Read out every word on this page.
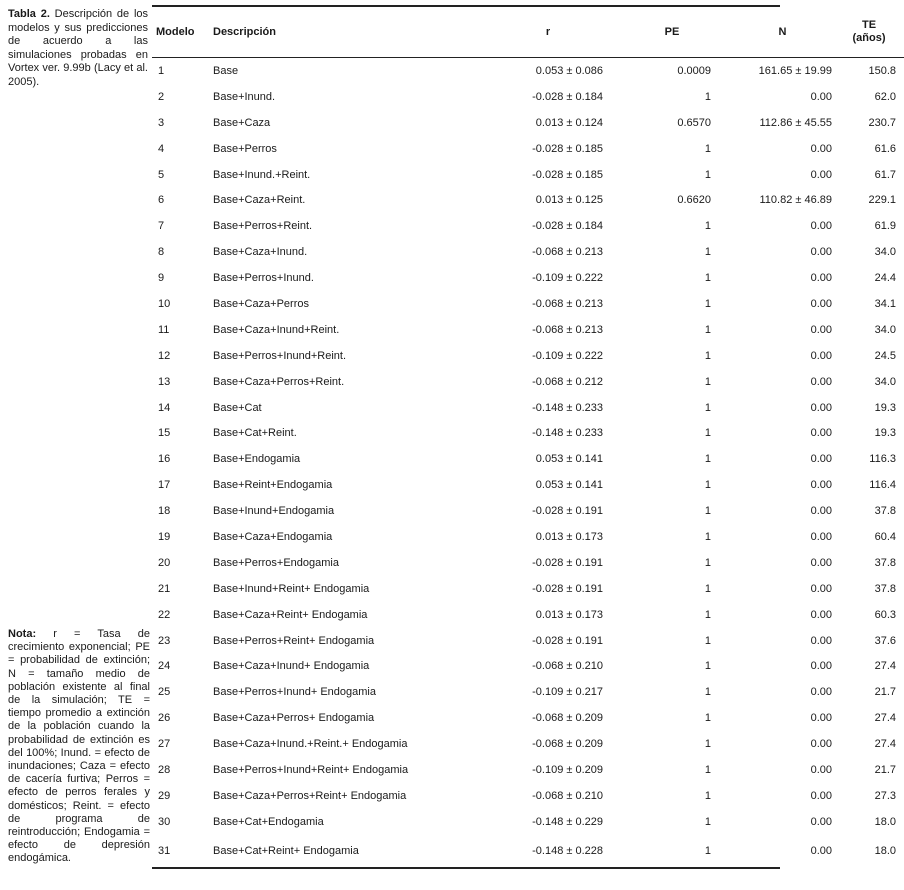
Tabla 2. Descripción de los modelos y sus predicciones de acuerdo a las simulaciones probadas en Vortex ver. 9.99b (Lacy et al. 2005).
Nota: r = Tasa de crecimiento exponencial; PE = probabilidad de extinción; N = tamaño medio de población existente al final de la simulación; TE = tiempo promedio a extinción de la población cuando la probabilidad de extinción es del 100%; Inund. = efecto de inundaciones; Caza = efecto de cacería furtiva; Perros = efecto de perros ferales y domésticos; Reint. = efecto de programa de reintroducción; Endogamia = efecto de depresión endogámica.
Modelo	Descripción	r	PE	N	TE
(años)
1	Base	0.053 ± 0.086	0.0009	161.65 ± 19.99	150.8
2	Base+Inund.	-0.028 ± 0.184	1	0.00	62.0
3	Base+Caza	0.013 ± 0.124	0.6570	112.86 ± 45.55	230.7
4	Base+Perros	-0.028 ± 0.185	1	0.00	61.6
5	Base+Inund.+Reint.	-0.028 ± 0.185	1	0.00	61.7
6	Base+Caza+Reint.	0.013 ± 0.125	0.6620	110.82 ± 46.89	229.1
7	Base+Perros+Reint.	-0.028 ± 0.184	1	0.00	61.9
8	Base+Caza+Inund.	-0.068 ± 0.213	1	0.00	34.0
9	Base+Perros+Inund.	-0.109 ± 0.222	1	0.00	24.4
10	Base+Caza+Perros	-0.068 ± 0.213	1	0.00	34.1
11	Base+Caza+Inund+Reint.	-0.068 ± 0.213	1	0.00	34.0
12	Base+Perros+Inund+Reint.	-0.109 ± 0.222	1	0.00	24.5
13	Base+Caza+Perros+Reint.	-0.068 ± 0.212	1	0.00	34.0
14	Base+Cat	-0.148 ± 0.233	1	0.00	19.3
15	Base+Cat+Reint.	-0.148 ± 0.233	1	0.00	19.3
16	Base+Endogamia	0.053 ± 0.141	1	0.00	116.3
17	Base+Reint+Endogamia	0.053 ± 0.141	1	0.00	116.4
18	Base+Inund+Endogamia	-0.028 ± 0.191	1	0.00	37.8
19	Base+Caza+Endogamia	0.013 ± 0.173	1	0.00	60.4
20	Base+Perros+Endogamia	-0.028 ± 0.191	1	0.00	37.8
21	Base+Inund+Reint+ Endogamia	-0.028 ± 0.191	1	0.00	37.8
22	Base+Caza+Reint+ Endogamia	0.013 ± 0.173	1	0.00	60.3
23	Base+Perros+Reint+ Endogamia	-0.028 ± 0.191	1	0.00	37.6
24	Base+Caza+Inund+ Endogamia	-0.068 ± 0.210	1	0.00	27.4
25	Base+Perros+Inund+ Endogamia	-0.109 ± 0.217	1	0.00	21.7
26	Base+Caza+Perros+ Endogamia	-0.068 ± 0.209	1	0.00	27.4
27	Base+Caza+Inund.+Reint.+ Endogamia	-0.068 ± 0.209	1	0.00	27.4
28	Base+Perros+Inund+Reint+ Endogamia	-0.109 ± 0.209	1	0.00	21.7
29	Base+Caza+Perros+Reint+ Endogamia	-0.068 ± 0.210	1	0.00	27.3
30	Base+Cat+Endogamia	-0.148 ± 0.229	1	0.00	18.0
31	Base+Cat+Reint+ Endogamia	-0.148 ± 0.228	1	0.00	18.0
